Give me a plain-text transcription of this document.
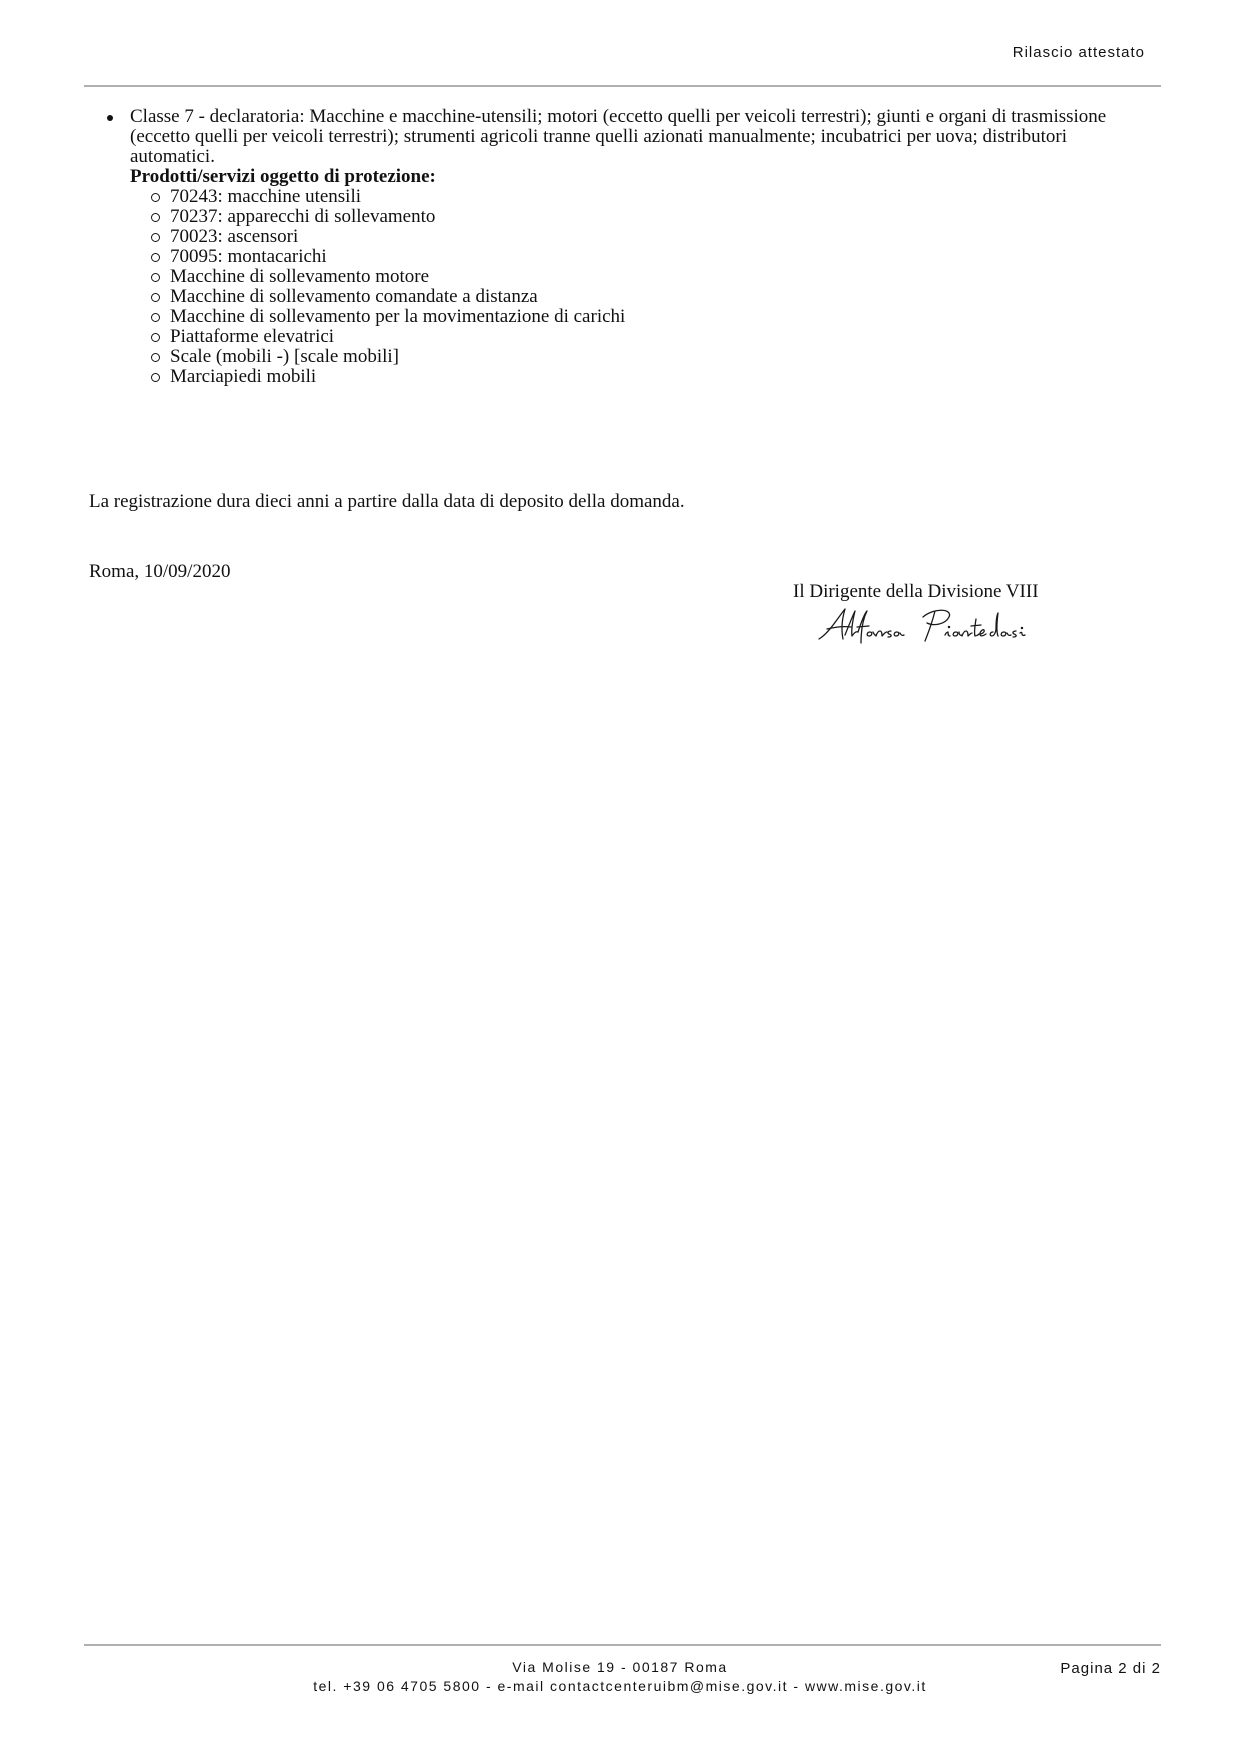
Rilascio attestato
Classe 7 - declaratoria: Macchine e macchine-utensili; motori (eccetto quelli per veicoli terrestri); giunti e organi di trasmissione (eccetto quelli per veicoli terrestri); strumenti agricoli tranne quelli azionati manualmente; incubatrici per uova; distributori automatici.
Prodotti/servizi oggetto di protezione:
70243: macchine utensili
70237: apparecchi di sollevamento
70023: ascensori
70095: montacarichi
Macchine di sollevamento motore
Macchine di sollevamento comandate a distanza
Macchine di sollevamento per la movimentazione di carichi
Piattaforme elevatrici
Scale (mobili -) [scale mobili]
Marciapiedi mobili
La registrazione dura dieci anni a partire dalla data di deposito della domanda.
Roma, 10/09/2020
Il Dirigente della Divisione VIII
Via Molise 19 - 00187 Roma
tel. +39 06 4705 5800 - e-mail contactcenteruibm@mise.gov.it - www.mise.gov.it
Pagina 2 di 2
